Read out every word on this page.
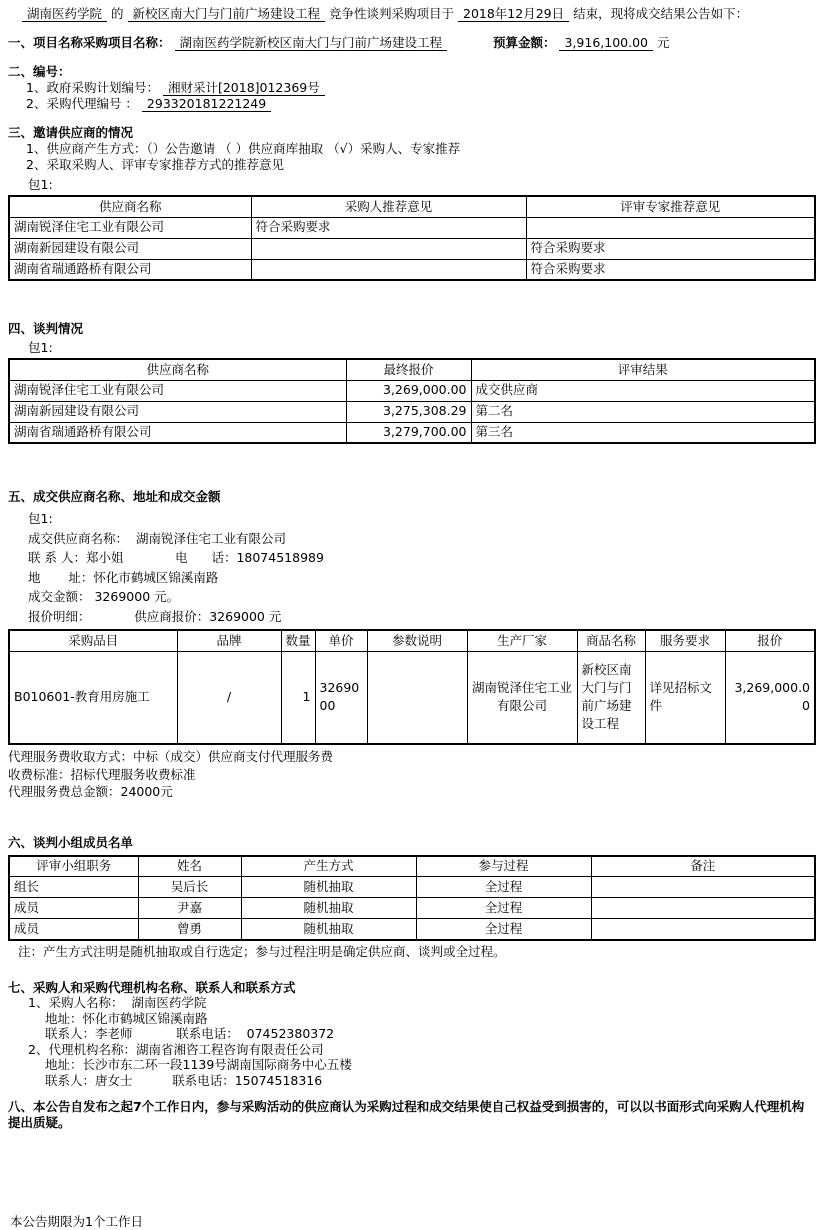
湖南医药学院 的 新校区南大门与门前广场建设工程 竞争性谈判采购项目于 2018年12月29日 结束，现将成交结果公告如下：
一、项目名称采购项目名称： 湖南医药学院新校区南大门与门前广场建设工程	预算金额： 3,916,100.00 元
二、编号：
1、政府采购计划编号： 湘财采计[2018]012369号
2、采购代理编号 ： 293320181221249
三、邀请供应商的情况
1、供应商产生方式：（）公告邀请 （ ）供应商库抽取 （√）采购人、专家推荐
2、采取采购人、评审专家推荐方式的推荐意见
包1:
供应商名称	采购人推荐意见	评审专家推荐意见
湖南锐泽住宅工业有限公司	符合采购要求	
湖南新园建设有限公司		符合采购要求
湖南省瑞通路桥有限公司		符合采购要求
四、谈判情况
包1:
供应商名称	最终报价	评审结果
湖南锐泽住宅工业有限公司	3,269,000.00	成交供应商
湖南新园建设有限公司	3,275,308.29	第二名
湖南省瑞通路桥有限公司	3,279,700.00	第三名
五、成交供应商名称、地址和成交金额
包1:
成交供应商名称：  湖南锐泽住宅工业有限公司
联 系 人：郑小姐             电      话：18074518989
地       址：怀化市鹤城区锦溪南路
成交金额： 3269000 元。
报价明细：           供应商报价：3269000 元
采购品目	品牌	数量	单价	参数说明	生产厂家	商品名称	服务要求	报价
B010601-教育用房施工	/	1	3269000		湖南锐泽住宅工业有限公司	新校区南大门与门前广场建设工程	详见招标文件	3,269,000.00
代理服务费收取方式：中标（成交）供应商支付代理服务费
收费标准：招标代理服务收费标准
代理服务费总金额：24000元
六、谈判小组成员名单
评审小组职务	姓名	产生方式	参与过程	备注
组长	吴后长	随机抽取	全过程	
成员	尹嘉	随机抽取	全过程	
成员	曾勇	随机抽取	全过程	
注：产生方式注明是随机抽取或自行选定；参与过程注明是确定供应商、谈判或全过程。
七、采购人和采购代理机构名称、联系人和联系方式
1、采购人名称：  湖南医药学院
地址：怀化市鹤城区锦溪南路
联系人：李老师           联系电话：  07452380372
2、代理机构名称：湖南省湘咨工程咨询有限责任公司
地址：长沙市东二环一段1139号湖南国际商务中心五楼
联系人：唐女士          联系电话：15074518316
八、本公告自发布之起7个工作日内，参与采购活动的供应商认为采购过程和成交结果使自己权益受到损害的，可以以书面形式向采购人代理机构提出质疑。
本公告期限为1个工作日
